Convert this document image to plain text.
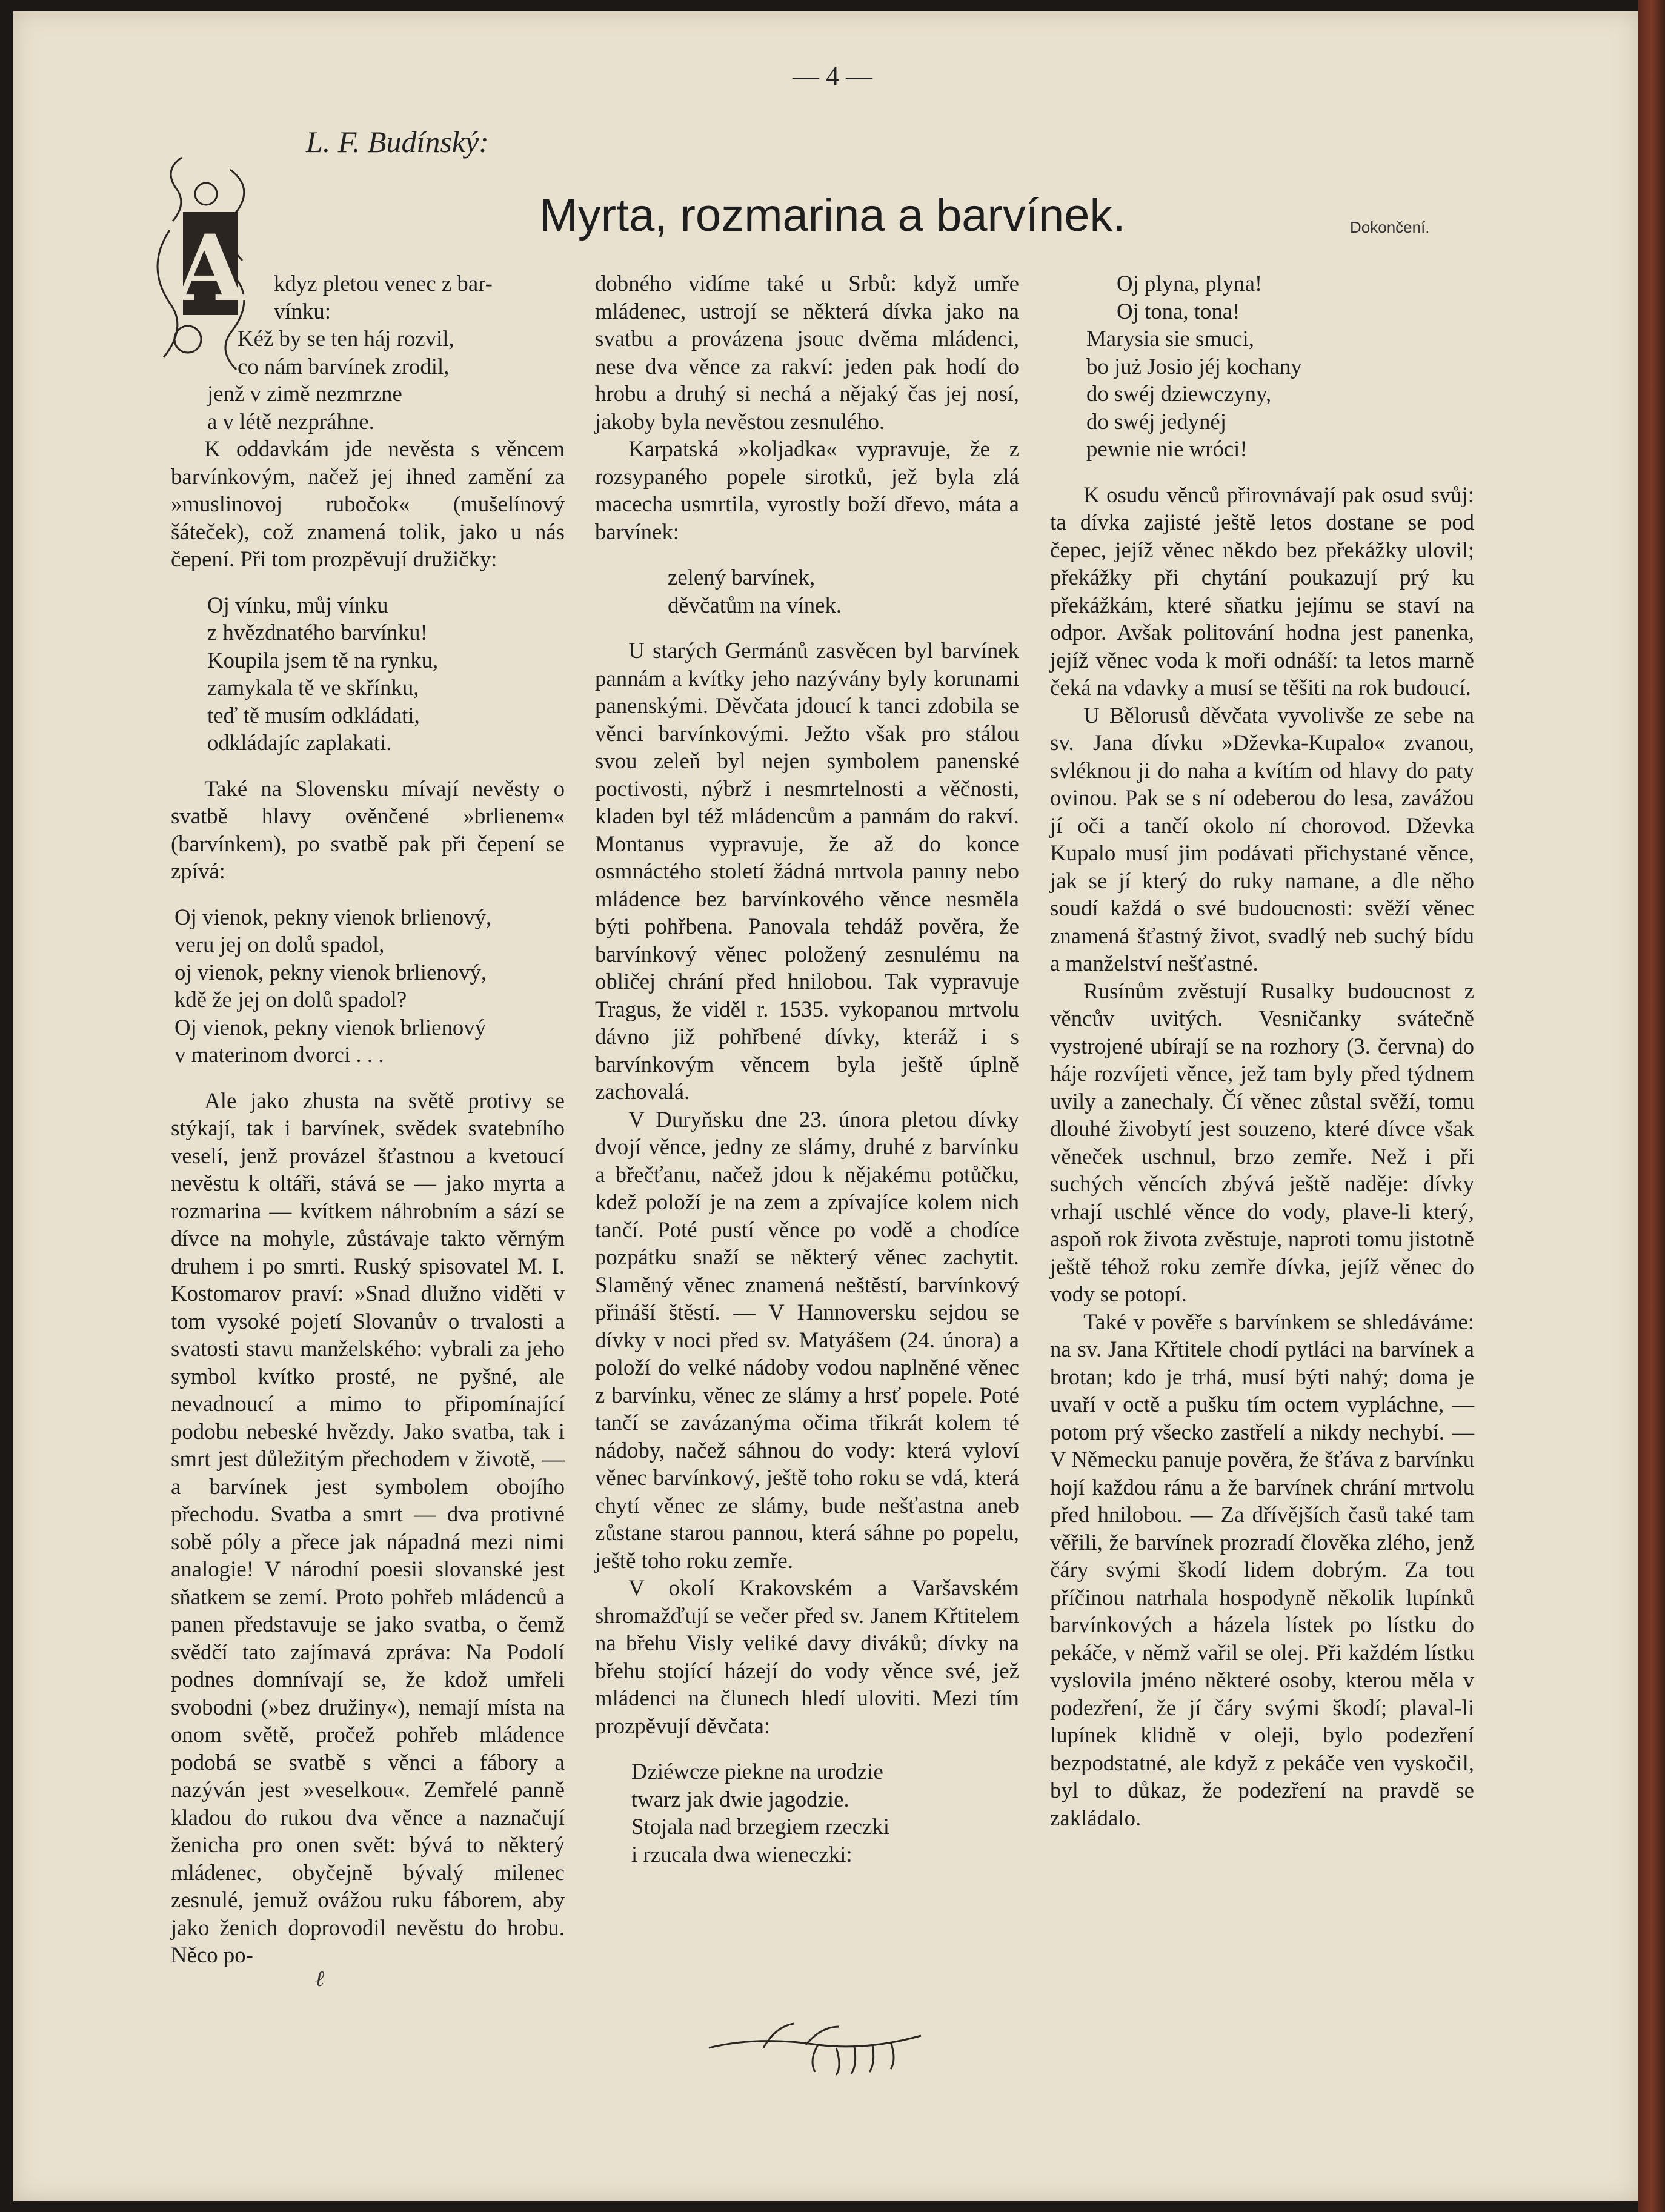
— 4 —
L. F. Budínský:
Myrta, rozmarina a barvínek.	Dokončení.
ℓ
A	kdyz pletou venec z bar-

vínku:

Kéž by se ten háj rozvil,

co nám barvínek zrodil,

jenž v zimě nezmrzne

a v létě nezpráhne.

K oddavkám jde nevěsta s věncem barvínkovým, načež jej ihned zamění za »muslinovoj rubočok« (mušelínový šáteček), což znamená tolik, jako u nás čepení. Při tom prozpěvují družičky:

Oj vínku, můj vínku

z hvězdnatého barvínku!

Koupila jsem tě na rynku,

zamykala tě ve skřínku,

teď tě musím odkládati,

odkládajíc zaplakati.

Také na Slovensku mívají nevěsty o svatbě hlavy ověnčené »brlienem« (barvínkem), po svatbě pak při čepení se zpívá:

Oj vienok, pekny vienok brlienový,

veru jej on dolů spadol,

oj vienok, pekny vienok brlienový,

kdě že jej on dolů spadol?

Oj vienok, pekny vienok brlienový

v materinom dvorci . . .

Ale jako zhusta na světě protivy se stýkají, tak i barvínek, svědek svatebního veselí, jenž provázel šťastnou a kvetoucí nevěstu k oltáři, stává se — jako myrta a rozmarina — kvítkem náhrobním a sází se dívce na mohyle, zůstávaje takto věrným druhem i po smrti. Ruský spisovatel M. I. Kostomarov praví: »Snad dlužno viděti v tom vysoké pojetí Slovanův o trvalosti a svatosti stavu manželského: vybrali za jeho symbol kvítko prosté, ne pyšné, ale nevadnoucí a mimo to připomínající podobu nebeské hvězdy. Jako svatba, tak i smrt jest důležitým přechodem v životě, — a barvínek jest symbolem obojího přechodu. Svatba a smrt — dva protivné sobě póly a přece jak nápadná mezi nimi analogie! V národní poesii slovanské jest sňatkem se zemí. Proto pohřeb mládenců a panen představuje se jako svatba, o čemž svědčí tato zajímavá zpráva: Na Podolí podnes domnívají se, že kdož umřeli svobodni (»bez družiny«), nemají místa na onom světě, pročež pohřeb mládence podobá se svatbě s věnci a fábory a nazýván jest »veselkou«. Zemřelé panně kladou do rukou dva věnce a naznačují ženicha pro onen svět: bývá to některý mládenec, obyčejně bývalý milenec zesnulé, jemuž ovážou ruku fáborem, aby jako ženich doprovodil nevěstu do hrobu. Něco po-

dobného vidíme také u Srbů: když umře mládenec, ustrojí se některá dívka jako na svatbu a provázena jsouc dvěma mládenci, nese dva věnce za rakví: jeden pak hodí do hrobu a druhý si nechá a nějaký čas jej nosí, jakoby byla nevěstou zesnulého.

Karpatská »koljadka« vypravuje, že z rozsypaného popele sirotků, jež byla zlá macecha usmrtila, vyrostly boží dřevo, máta a barvínek:

zelený barvínek,

děvčatům na vínek.

U starých Germánů zasvěcen byl barvínek pannám a kvítky jeho nazývány byly korunami panenskými. Děvčata jdoucí k tanci zdobila se věnci barvínkovými. Ježto však pro stálou svou zeleň byl nejen symbolem panenské poctivosti, nýbrž i nesmrtelnosti a věčnosti, kladen byl též mládencům a pannám do rakví. Montanus vypravuje, že až do konce osmnáctého století žádná mrtvola panny nebo mládence bez barvínkového věnce nesměla býti pohřbena. Panovala tehdáž pověra, že barvínkový věnec položený zesnulému na obličej chrání před hnilobou. Tak vypravuje Tragus, že viděl r. 1535. vykopanou mrtvolu dávno již pohřbené dívky, kteráž i s barvínkovým věncem byla ještě úplně zachovalá.

V Duryňsku dne 23. února pletou dívky dvojí věnce, jedny ze slámy, druhé z barvínku a břečťanu, načež jdou k nějakému potůčku, kdež položí je na zem a zpívajíce kolem nich tančí. Poté pustí věnce po vodě a chodíce pozpátku snaží se některý věnec zachytit. Slaměný věnec znamená neštěstí, barvínkový přináší štěstí. — V Hannoversku sejdou se dívky v noci před sv. Matyášem (24. února) a položí do velké nádoby vodou naplněné věnec z barvínku, věnec ze slámy a hrsť popele. Poté tančí se zavázanýma očima třikrát kolem té nádoby, načež sáhnou do vody: která vyloví věnec barvínkový, ještě toho roku se vdá, která chytí věnec ze slámy, bude nešťastna aneb zůstane starou pannou, která sáhne po popelu, ještě toho roku zemře.

V okolí Krakovském a Varšavském shromažďují se večer před sv. Janem Křtitelem na břehu Visly veliké davy diváků; dívky na břehu stojící házejí do vody věnce své, jež mládenci na člunech hledí uloviti. Mezi tím prozpěvují děvčata:

Dziéwcze piekne na urodzie

twarz jak dwie jagodzie.

Stojala nad brzegiem rzeczki

i rzucala dwa wieneczki:

Oj plyna, plyna!

Oj tona, tona!

Marysia sie smuci,

bo już Josio jéj kochany

do swéj dziewczyny,

do swéj jedynéj

pewnie nie wróci!

K osudu věnců přirovnávají pak osud svůj: ta dívka zajisté ještě letos dostane se pod čepec, jejíž věnec někdo bez překážky ulovil; překážky při chytání poukazují prý ku překážkám, které sňatku jejímu se staví na odpor. Avšak politování hodna jest panenka, jejíž věnec voda k moři odnáší: ta letos marně čeká na vdavky a musí se těšiti na rok budoucí.

U Bělorusů děvčata vyvolivše ze sebe na sv. Jana dívku »Dževka-Kupalo« zvanou, svléknou ji do naha a kvítím od hlavy do paty ovinou. Pak se s ní odeberou do lesa, zavážou jí oči a tančí okolo ní chorovod. Dževka Kupalo musí jim podávati přichystané věnce, jak se jí který do ruky namane, a dle něho soudí každá o své budoucnosti: svěží věnec znamená šťastný život, svadlý neb suchý bídu a manželství nešťastné.

Rusínům zvěstují Rusalky budoucnost z věncův uvitých. Vesničanky svátečně vystrojené ubírají se na rozhory (3. června) do háje rozvíjeti věnce, jež tam byly před týdnem uvily a zanechaly. Čí věnec zůstal svěží, tomu dlouhé živobytí jest souzeno, které dívce však věneček uschnul, brzo zemře. Než i při suchých věncích zbývá ještě naděje: dívky vrhají uschlé věnce do vody, plave-li který, aspoň rok života zvěstuje, naproti tomu jistotně ještě téhož roku zemře dívka, jejíž věnec do vody se potopí.

Také v pověře s barvínkem se shledáváme: na sv. Jana Křtitele chodí pytláci na barvínek a brotan; kdo je trhá, musí býti nahý; doma je uvaří v octě a pušku tím octem vypláchne, — potom prý všecko zastřelí a nikdy nechybí. — V Německu panuje pověra, že šťáva z barvínku hojí každou ránu a že barvínek chrání mrtvolu před hnilobou. — Za dřívějších časů také tam věřili, že barvínek prozradí člověka zlého, jenž čáry svými škodí lidem dobrým. Za tou příčinou natrhala hospodyně několik lupínků barvínkových a házela lístek po lístku do pekáče, v němž vařil se olej. Při každém lístku vyslovila jméno některé osoby, kterou měla v podezření, že jí čáry svými škodí; plaval-li lupínek klidně v oleji, bylo podezření bezpodstatné, ale když z pekáče ven vyskočil, byl to důkaz, že podezření na pravdě se zakládalo.
